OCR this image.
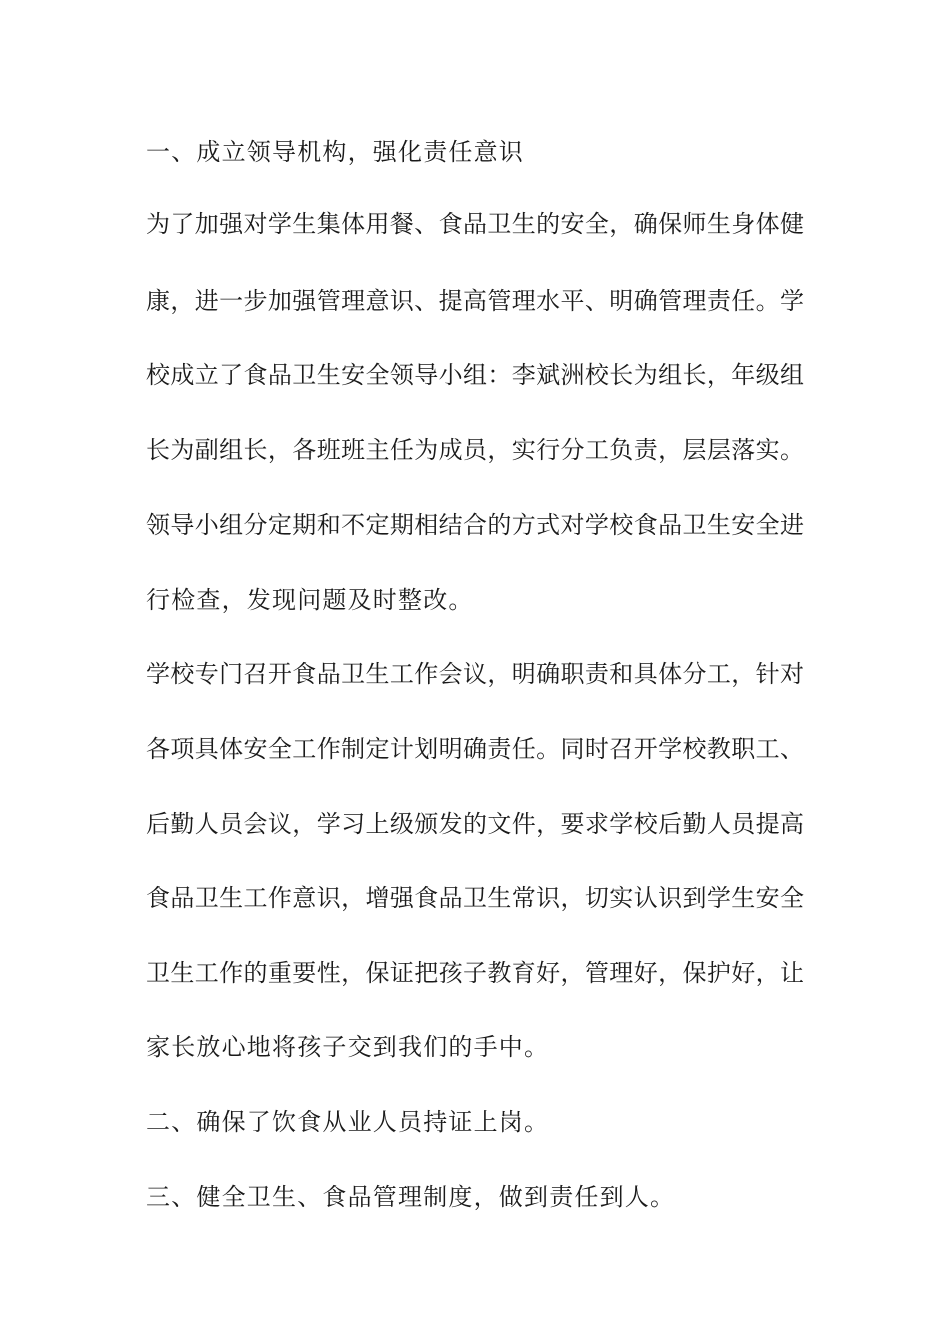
一、成立领导机构，强化责任意识

为了加强对学生集体用餐、食品卫生的安全，确保师生身体健

康，进一步加强管理意识、提高管理水平、明确管理责任。学

校成立了食品卫生安全领导小组：李斌洲校长为组长，年级组

长为副组长，各班班主任为成员，实行分工负责，层层落实。

领导小组分定期和不定期相结合的方式对学校食品卫生安全进

行检查，发现问题及时整改。

学校专门召开食品卫生工作会议，明确职责和具体分工，针对

各项具体安全工作制定计划明确责任。同时召开学校教职工、

后勤人员会议，学习上级颁发的文件，要求学校后勤人员提高

食品卫生工作意识，增强食品卫生常识，切实认识到学生安全

卫生工作的重要性，保证把孩子教育好，管理好，保护好，让

家长放心地将孩子交到我们的手中。

二、确保了饮食从业人员持证上岗。

三、健全卫生、食品管理制度，做到责任到人。
